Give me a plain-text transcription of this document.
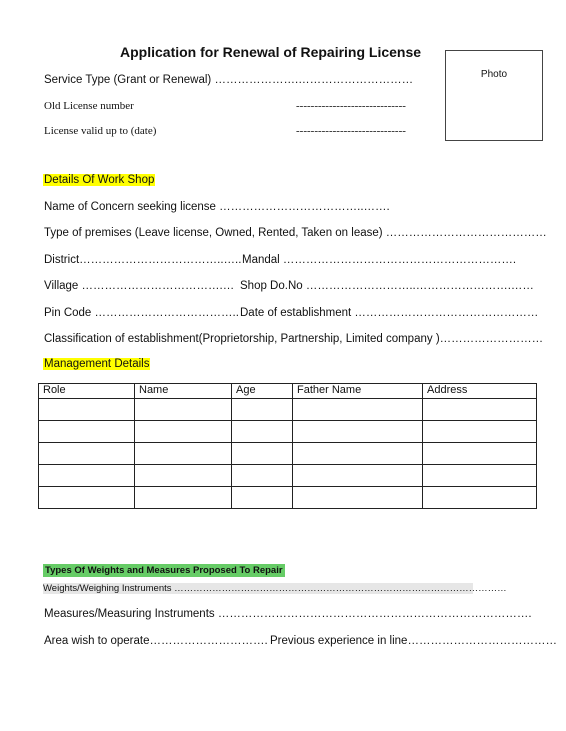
Application for Renewal of Repairing License
Photo
Service Type (Grant or Renewal) ………………….…………………………
Old License number	------------------------------
License valid up to (date)	------------------------------
Details Of Work Shop
Name of Concern seeking license ………………………………..…….
Type of premises (Leave license, Owned, Rented, Taken on lease) ……………………………………
District………………………………..….. Mandal …………………………………………………….
Village ……………………………….… Shop Do.No ………………………..…………………….……
Pin Code ……………………………….. Date of establishment …………………………………………
Classification of establishment(Proprietorship, Partnership, Limited company )………………………
Management Details
Role	Name	Age	Father Name	Address

Types Of Weights and Measures Proposed To Repair
Weights/Weighing Instruments ……………………………………………………………………………………………
Measures/Measuring Instruments ……………………………………………………………………….
Area wish to operate…………………………. Previous experience in line…………………………………
